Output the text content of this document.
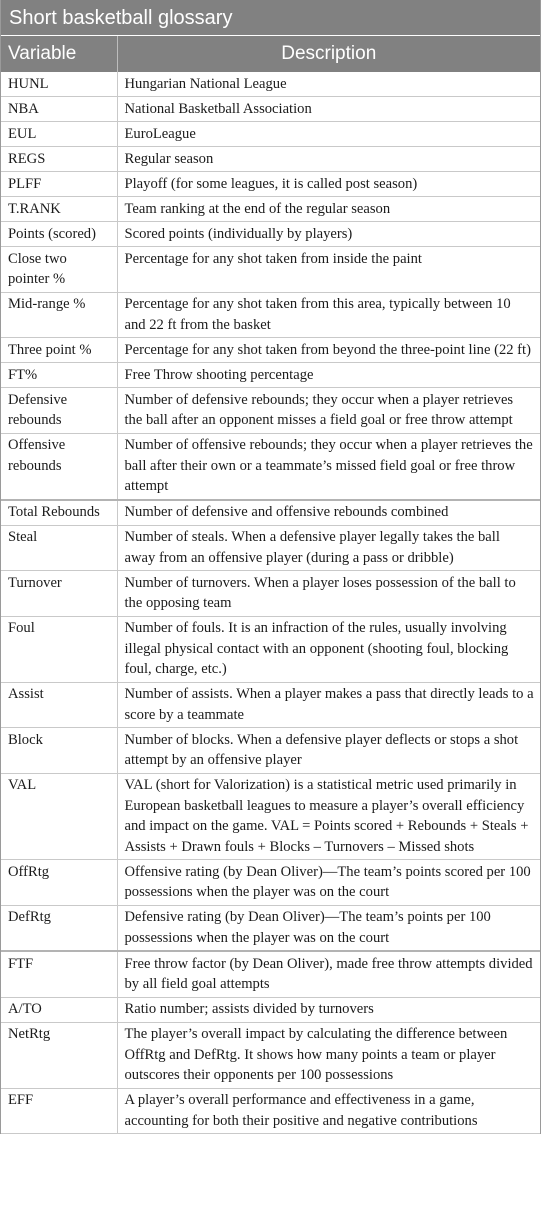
Short basketball glossary
Variable	Description
HUNL	Hungarian National League
NBA	National Basketball Association
EUL	EuroLeague
REGS	Regular season
PLFF	Playoff (for some leagues, it is called post season)
T.RANK	Team ranking at the end of the regular season
Points (scored)	Scored points (individually by players)
Close two pointer %	Percentage for any shot taken from inside the paint
Mid-range %	Percentage for any shot taken from this area, typically between 10 and 22 ft from the basket
Three point %	Percentage for any shot taken from beyond the three-point line (22 ft)
FT%	Free Throw shooting percentage
Defensive rebounds	Number of defensive rebounds; they occur when a player retrieves the ball after an opponent misses a field goal or free throw attempt
Offensive rebounds	Number of offensive rebounds; they occur when a player retrieves the ball after their own or a teammate’s missed field goal or free throw attempt
Total Rebounds	Number of defensive and offensive rebounds combined
Steal	Number of steals. When a defensive player legally takes the ball away from an offensive player (during a pass or dribble)
Turnover	Number of turnovers. When a player loses possession of the ball to the opposing team
Foul	Number of fouls. It is an infraction of the rules, usually involving illegal physical contact with an opponent (shooting foul, blocking foul, charge, etc.)
Assist	Number of assists. When a player makes a pass that directly leads to a score by a teammate
Block	Number of blocks. When a defensive player deflects or stops a shot attempt by an offensive player
VAL	VAL (short for Valorization) is a statistical metric used primarily in European basketball leagues to measure a player’s overall efficiency and impact on the game. VAL = Points scored + Rebounds + Steals + Assists + Drawn fouls + Blocks – Turnovers – Missed shots
OffRtg	Offensive rating (by Dean Oliver)—The team’s points scored per 100 possessions when the player was on the court
DefRtg	Defensive rating (by Dean Oliver)—The team’s points per 100 possessions when the player was on the court
FTF	Free throw factor (by Dean Oliver), made free throw attempts divided by all field goal attempts
A/TO	Ratio number; assists divided by turnovers
NetRtg	The player’s overall impact by calculating the difference between OffRtg and DefRtg. It shows how many points a team or player outscores their opponents per 100 possessions
EFF	A player’s overall performance and effectiveness in a game, accounting for both their positive and negative contributions
